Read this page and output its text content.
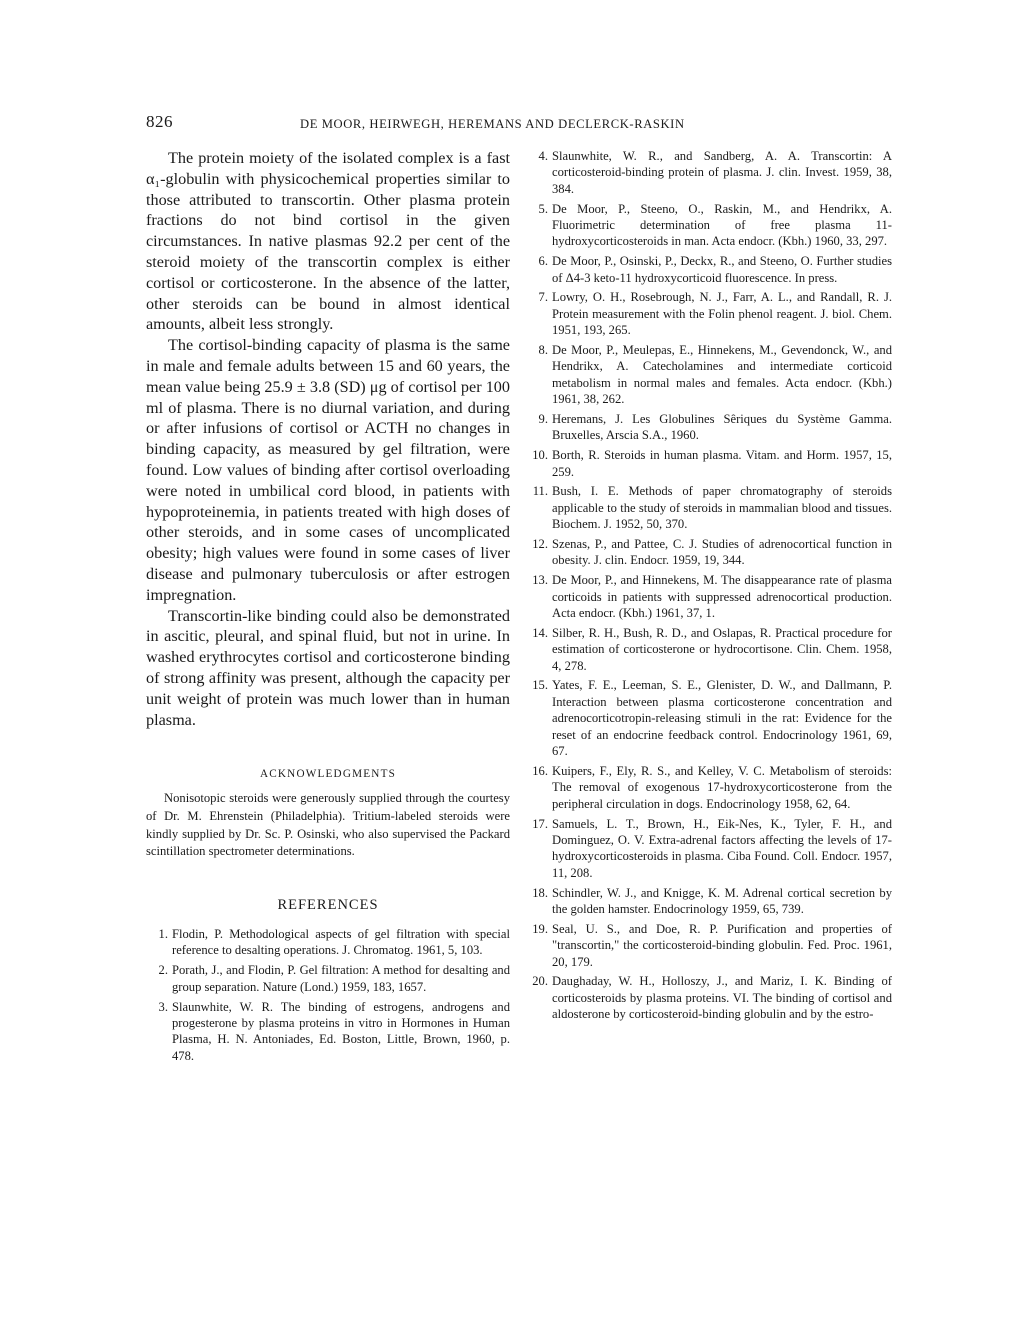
826	DE MOOR, HEIRWEGH, HEREMANS AND DECLERCK-RASKIN

The protein moiety of the isolated complex is a fast α₁-globulin with physicochemical properties similar to those attributed to transcortin. Other plasma protein fractions do not bind cortisol in the given circumstances. In native plasmas 92.2 per cent of the steroid moiety of the transcortin complex is either cortisol or corticosterone. In the absence of the latter, other steroids can be bound in almost identical amounts, albeit less strongly.

The cortisol-binding capacity of plasma is the same in male and female adults between 15 and 60 years, the mean value being 25.9 ± 3.8 (SD) μg of cortisol per 100 ml of plasma. There is no diurnal variation, and during or after infusions of cortisol or ACTH no changes in binding capacity, as measured by gel filtration, were found. Low values of binding after cortisol overloading were noted in umbilical cord blood, in patients with hypoproteinemia, in patients treated with high doses of other steroids, and in some cases of uncomplicated obesity; high values were found in some cases of liver disease and pulmonary tuberculosis or after estrogen impregnation.

Transcortin-like binding could also be demonstrated in ascitic, pleural, and spinal fluid, but not in urine. In washed erythrocytes cortisol and corticosterone binding of strong affinity was present, although the capacity per unit weight of protein was much lower than in human plasma.

ACKNOWLEDGMENTS

Nonisotopic steroids were generously supplied through the courtesy of Dr. M. Ehrenstein (Philadelphia). Tritium-labeled steroids were kindly supplied by Dr. Sc. P. Osinski, who also supervised the Packard scintillation spectrometer determinations.

REFERENCES
1. Flodin, P. Methodological aspects of gel filtration with special reference to desalting operations. J. Chromatog. 1961, 5, 103.
2. Porath, J., and Flodin, P. Gel filtration: A method for desalting and group separation. Nature (Lond.) 1959, 183, 1657.
3. Slaunwhite, W. R. The binding of estrogens, androgens and progesterone by plasma proteins in vitro in Hormones in Human Plasma, H. N. Antoniades, Ed. Boston, Little, Brown, 1960, p. 478.
4. Slaunwhite, W. R., and Sandberg, A. A. Transcortin: A corticosteroid-binding protein of plasma. J. clin. Invest. 1959, 38, 384.
5. De Moor, P., Steeno, O., Raskin, M., and Hendrikx, A. Fluorimetric determination of free plasma 11-hydroxycorticosteroids in man. Acta endocr. (Kbh.) 1960, 33, 297.
6. De Moor, P., Osinski, P., Deckx, R., and Steeno, O. Further studies of Δ4-3 keto-11 hydroxycorticoid fluorescence. In press.
7. Lowry, O. H., Rosebrough, N. J., Farr, A. L., and Randall, R. J. Protein measurement with the Folin phenol reagent. J. biol. Chem. 1951, 193, 265.
8. De Moor, P., Meulepas, E., Hinnekens, M., Gevendonck, W., and Hendrikx, A. Catecholamines and intermediate corticoid metabolism in normal males and females. Acta endocr. (Kbh.) 1961, 38, 262.
9. Heremans, J. Les Globulines Sêriques du Système Gamma. Bruxelles, Arscia S.A., 1960.
10. Borth, R. Steroids in human plasma. Vitam. and Horm. 1957, 15, 259.
11. Bush, I. E. Methods of paper chromatography of steroids applicable to the study of steroids in mammalian blood and tissues. Biochem. J. 1952, 50, 370.
12. Szenas, P., and Pattee, C. J. Studies of adrenocortical function in obesity. J. clin. Endocr. 1959, 19, 344.
13. De Moor, P., and Hinnekens, M. The disappearance rate of plasma corticoids in patients with suppressed adrenocortical production. Acta endocr. (Kbh.) 1961, 37, 1.
14. Silber, R. H., Bush, R. D., and Oslapas, R. Practical procedure for estimation of corticosterone or hydrocortisone. Clin. Chem. 1958, 4, 278.
15. Yates, F. E., Leeman, S. E., Glenister, D. W., and Dallmann, P. Interaction between plasma corticosterone concentration and adrenocorticotropin-releasing stimuli in the rat: Evidence for the reset of an endocrine feedback control. Endocrinology 1961, 69, 67.
16. Kuipers, F., Ely, R. S., and Kelley, V. C. Metabolism of steroids: The removal of exogenous 17-hydroxycorticosterone from the peripheral circulation in dogs. Endocrinology 1958, 62, 64.
17. Samuels, L. T., Brown, H., Eik-Nes, K., Tyler, F. H., and Dominguez, O. V. Extra-adrenal factors affecting the levels of 17-hydroxycorticosteroids in plasma. Ciba Found. Coll. Endocr. 1957, 11, 208.
18. Schindler, W. J., and Knigge, K. M. Adrenal cortical secretion by the golden hamster. Endocrinology 1959, 65, 739.
19. Seal, U. S., and Doe, R. P. Purification and properties of "transcortin," the corticosteroid-binding globulin. Fed. Proc. 1961, 20, 179.
20. Daughaday, W. H., Holloszy, J., and Mariz, I. K. Binding of corticosteroids by plasma proteins. VI. The binding of cortisol and aldosterone by corticosteroid-binding globulin and by the estro-
